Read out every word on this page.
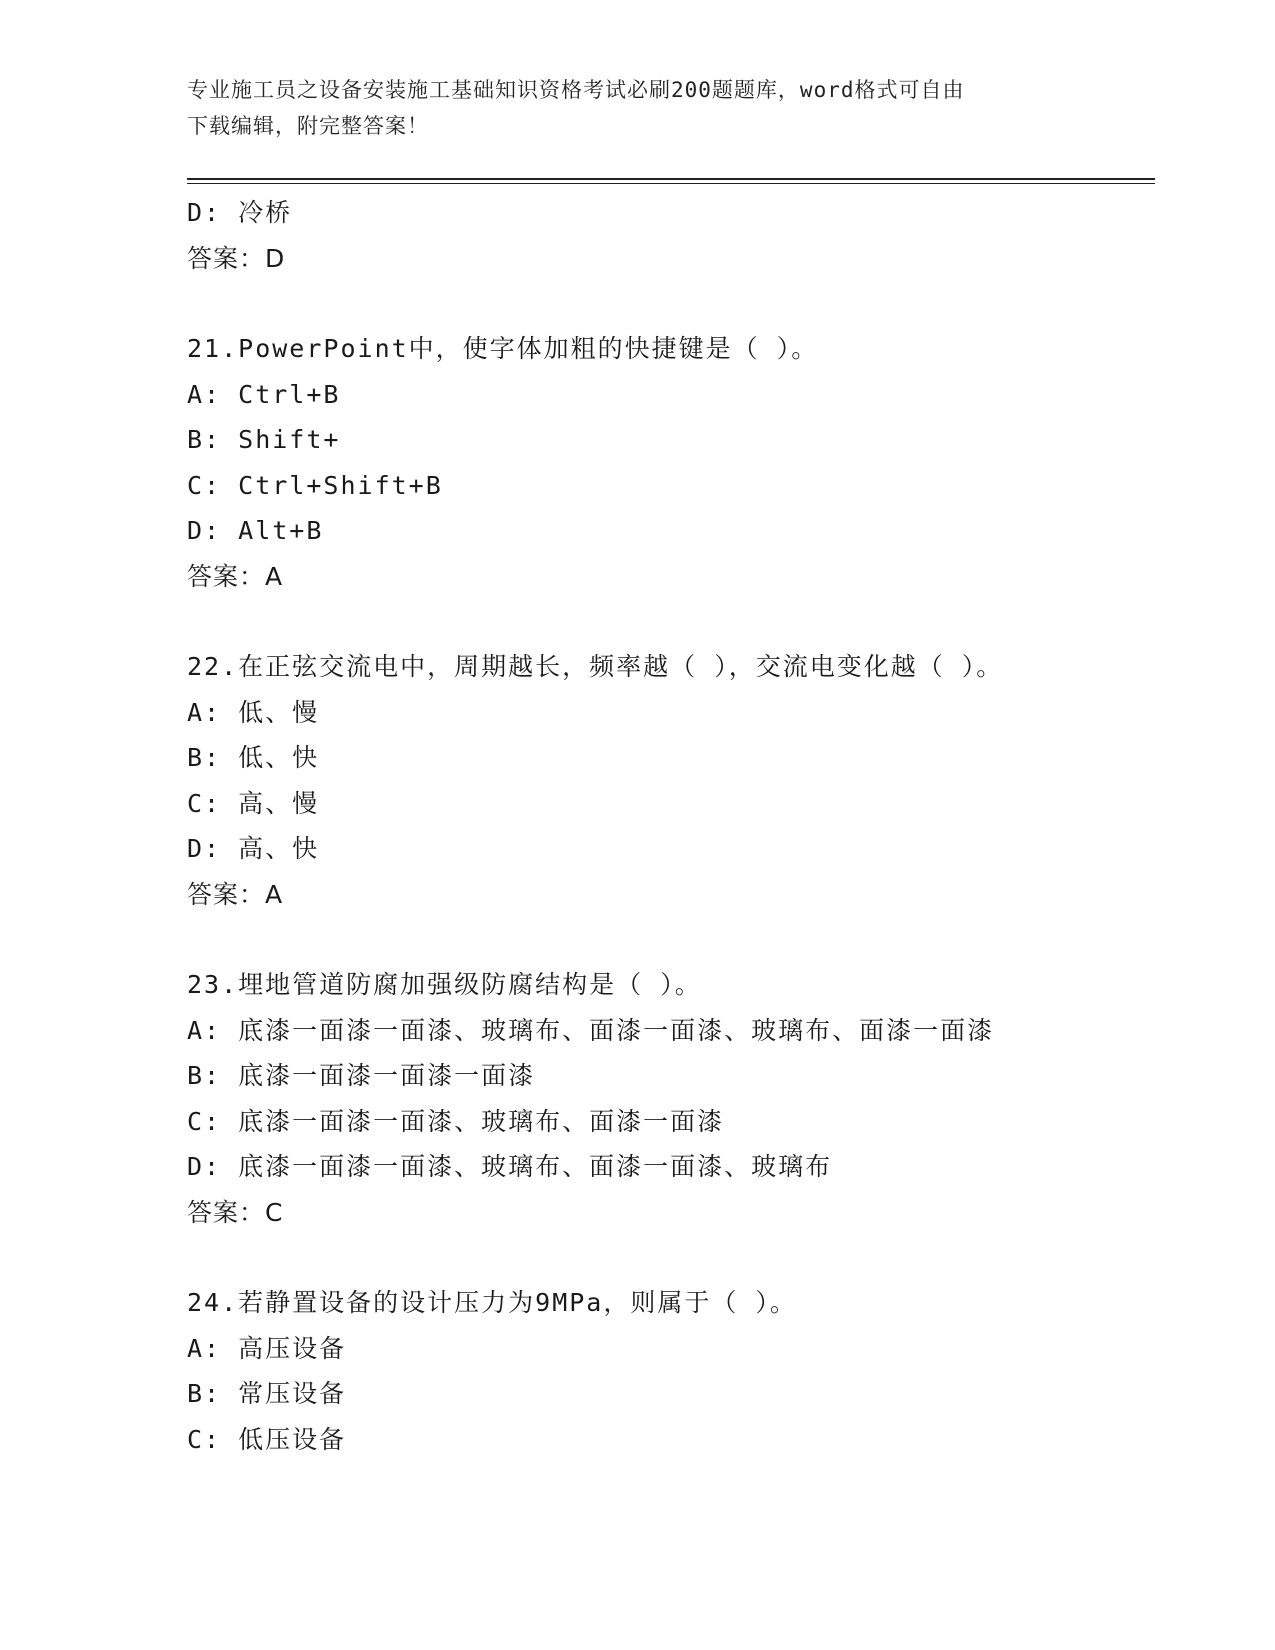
专业施工员之设备安装施工基础知识资格考试必刷200题题库，word格式可自由
下载编辑，附完整答案！
D: 冷桥
答案：D
21.PowerPoint中，使字体加粗的快捷键是（ ）。
A: Ctrl+B
B: Shift+
C: Ctrl+Shift+B
D: Alt+B
答案：A
22.在正弦交流电中，周期越长，频率越（ ），交流电变化越（ ）。
A: 低、慢
B: 低、快
C: 高、慢
D: 高、快
答案：A
23.埋地管道防腐加强级防腐结构是（ ）。
A: 底漆一面漆一面漆、玻璃布、面漆一面漆、玻璃布、面漆一面漆
B: 底漆一面漆一面漆一面漆
C: 底漆一面漆一面漆、玻璃布、面漆一面漆
D: 底漆一面漆一面漆、玻璃布、面漆一面漆、玻璃布
答案：C
24.若静置设备的设计压力为9MPa，则属于（ ）。
A: 高压设备
B: 常压设备
C: 低压设备
